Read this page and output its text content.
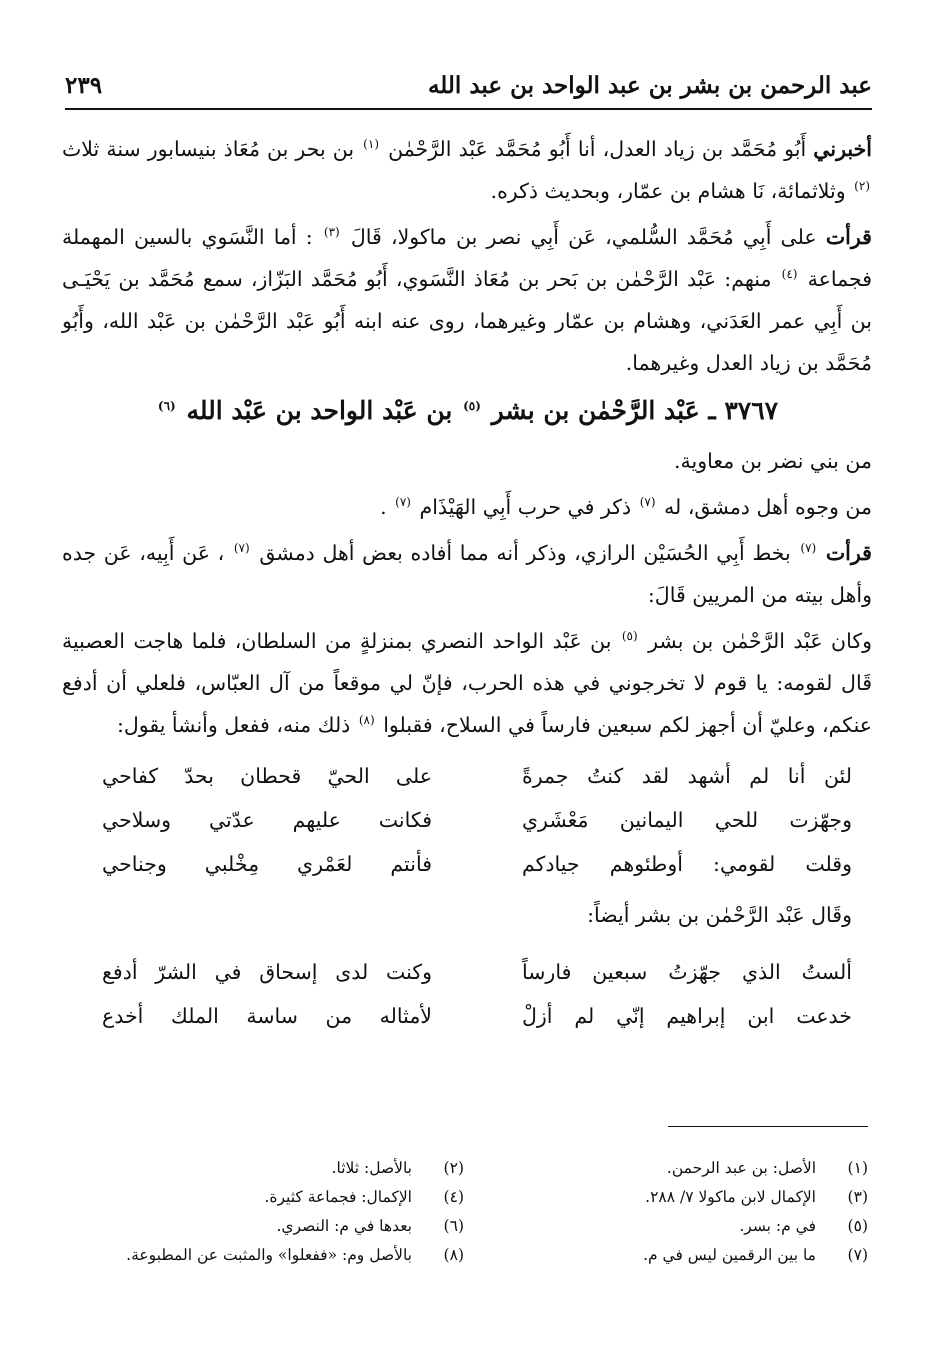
عبد الرحمن بن بشر بن عبد الواحد بن عبد الله
٢٣٩

أخبرني أَبُو مُحَمَّد بن زياد العدل، أنا أَبُو مُحَمَّد عَبْد الرَّحْمٰن $^{(١)}$ بن بحر بن مُعَاذ بنيسابور سنة ثلاث $^{(٢)}$ وثلاثمائة، نَا هشام بن عمّار، وبحديث ذكره.

قرأت على أَبِي مُحَمَّد السُّلمي، عَن أَبِي نصر بن ماكولا، قَالَ $^{(٣)}$ : أما النَّسَوي بالسين المهملة فجماعة $^{(٤)}$ منهم: عَبْد الرَّحْمٰن بن بَحر بن مُعَاذ النَّسَوي، أَبُو مُحَمَّد البَزّاز، سمع مُحَمَّد بن يَحْيَـى بن أَبِي عمر العَدَني، وهشام بن عمّار وغيرهما، روى عنه ابنه أَبُو عَبْد الرَّحْمٰن بن عَبْد الله، وأَبُو مُحَمَّد بن زياد العدل وغيرهما.

٣٧٦٧ ـ عَبْد الرَّحْمٰن بن بشر $^{(٥)}$ بن عَبْد الواحد بن عَبْد الله $^{(٦)}$

من بني نضر بن معاوية.

من وجوه أهل دمشق، له $^{(٧)}$ ذكر في حرب أَبِي الهَيْذَام $^{(٧)}$ .

قرأت $^{(٧)}$ بخط أَبِي الحُسَيْن الرازي، وذكر أنه مما أفاده بعض أهل دمشق $^{(٧)}$ ، عَن أَبِيه، عَن جده وأهل بيته من المريين قَالَ:

وكان عَبْد الرَّحْمٰن بن بشر $^{(٥)}$ بن عَبْد الواحد النصري بمنزلةٍ من السلطان، فلما هاجت العصبية قَال لقومه: يا قوم لا تخرجوني في هذه الحرب، فإنّ لي موقعاً من آل العبّاس، فلعلي أن أدفع عنكم، وعليّ أن أجهز لكم سبعين فارساً في السلاح، فقبلوا $^{(٨)}$ ذلك منه، ففعل وأنشأ يقول:

لئن أنا لم أشهد لقد كنتُ جمرةً
على الحيّ قحطان بحدّ كفاحي
وجهّزت للحي اليمانين مَعْشَري
فكانت عليهم عدّتي وسلاحي
وقلت لقومي: أوطئوهم جيادكم
فأنتم لعَمْري مِخْلبي وجناحي
وقَال عَبْد الرَّحْمٰن بن بشر أيضاً:
ألستُ الذي جهّزتُ سبعين فارساً
وكنت لدى إسحاق في الشرّ أدفع
خدعت ابن إبراهيم إنّي لم أزلْ
لأمثاله من ساسة الملك أخدع
(١)
الأصل: بن عبد الرحمن.
(٢)
بالأصل: ثلاثا.
(٣)
الإكمال لابن ماكولا ٧/ ٢٨٨.
(٤)
الإكمال: فجماعة كثيرة.
(٥)
في م: بسر.
(٦)
بعدها في م: النصري.
(٧)
ما بين الرقمين ليس في م.
(٨)
بالأصل وم: «ففعلوا» والمثبت عن المطبوعة.
